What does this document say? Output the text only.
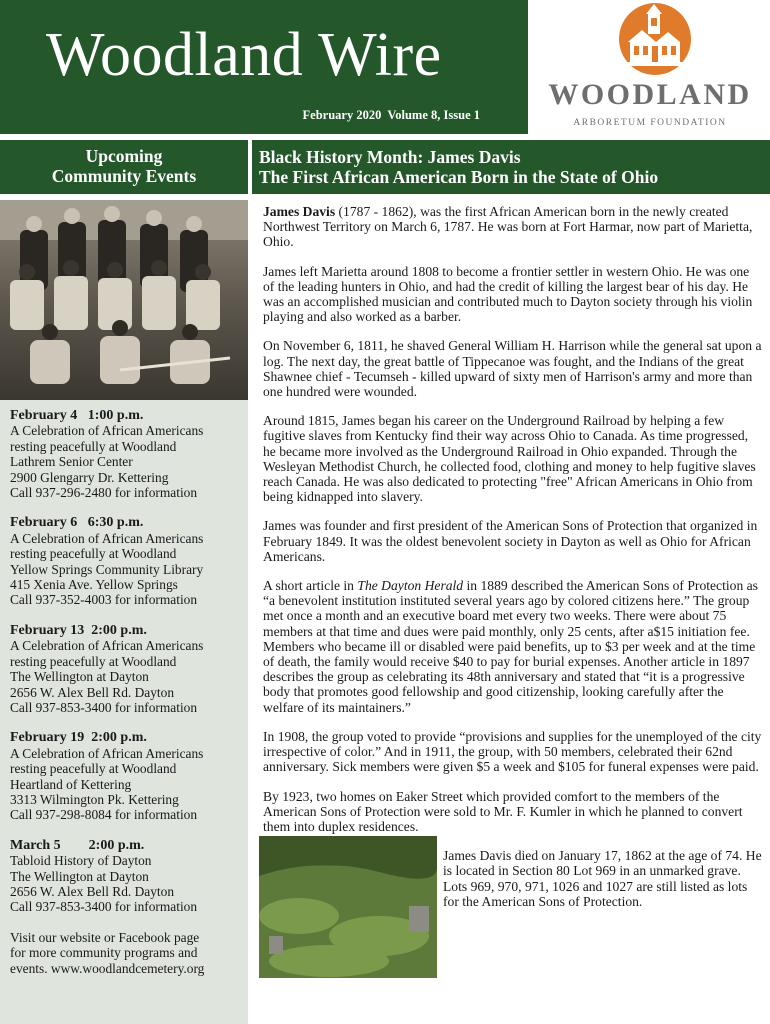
Woodland Wire
February 2020  Volume 8, Issue 1
WOODLAND
ARBORETUM FOUNDATION
Upcoming
Community Events
February 4   1:00 p.m.
A Celebration of African Americans
resting peacefully at Woodland
Lathrem Senior Center
2900 Glengarry Dr. Kettering
Call 937-296-2480 for information
February 6   6:30 p.m.
A Celebration of African Americans
resting peacefully at Woodland
Yellow Springs Community Library
415 Xenia Ave. Yellow Springs
Call 937-352-4003 for information
February 13  2:00 p.m.
A Celebration of African Americans
resting peacefully at Woodland
The Wellington at Dayton
2656 W. Alex Bell Rd. Dayton
Call 937-853-3400 for information
February 19  2:00 p.m.
A Celebration of African Americans
resting peacefully at Woodland
Heartland of Kettering
3313 Wilmington Pk. Kettering
Call 937-298-8084 for information
March 5        2:00 p.m.
Tabloid History of Dayton
The Wellington at Dayton
2656 W. Alex Bell Rd. Dayton
Call 937-853-3400 for information
Visit our website or Facebook page
for more community programs and
events. www.woodlandcemetery.org
Black History Month: James Davis
The First African American Born in the State of Ohio

James Davis (1787 - 1862), was the first African American born in the newly created Northwest Territory on March 6, 1787. He was born at Fort Harmar, now part of Marietta, Ohio.

James left Marietta around 1808 to become a frontier settler in western Ohio. He was one of the leading hunters in Ohio, and had the credit of killing the largest bear of his day. He was an accomplished musician and contributed much to Dayton society through his violin playing and also worked as a barber.

On November 6, 1811, he shaved General William H. Harrison while the general sat upon a log. The next day, the great battle of Tippecanoe was fought, and the Indians of the great Shawnee chief - Tecumseh - killed upward of sixty men of Harrison's army and more than one hundred were wounded.

Around 1815, James began his career on the Underground Railroad by helping a few fugitive slaves from Kentucky find their way across Ohio to Canada. As time progressed, he became more involved as the Underground Railroad in Ohio expanded. Through the Wesleyan Methodist Church, he collected food, clothing and money to help fugitive slaves reach Canada. He was also dedicated to protecting "free" African Americans in Ohio from being kidnapped into slavery.

James was founder and first president of the American Sons of Protection that organized in February 1849. It was the oldest benevolent society in Dayton as well as Ohio for African Americans.

A short article in The Dayton Herald in 1889 described the American Sons of Protection as “a benevolent institution instituted several years ago by colored citizens here.” The group met once a month and an executive board met every two weeks. There were about 75 members at that time and dues were paid monthly, only 25 cents, after a$15 initiation fee. Members who became ill or disabled were paid benefits, up to $3 per week and at the time of death, the family would receive $40 to pay for burial expenses. Another article in 1897 describes the group as celebrating its 48th anniversary and stated that “it is a progressive body that promotes good fellowship and good citizenship, looking carefully after the welfare of its maintainers.”

In 1908, the group voted to provide “provisions and supplies for the unemployed of the city irrespective of color.” And in 1911, the group, with 50 members, celebrated their 62nd anniversary. Sick members were given $5 a week and $105 for funeral expenses were paid.

By 1923, two homes on Eaker Street which provided comfort to the members of the American Sons of Protection were sold to Mr. F. Kumler in which he planned to convert them into duplex residences.

James Davis died on January 17, 1862 at the age of 74. He is located in Section 80 Lot 969 in an unmarked grave. Lots 969, 970, 971, 1026 and 1027 are still listed as lots for the American Sons of Protection.
